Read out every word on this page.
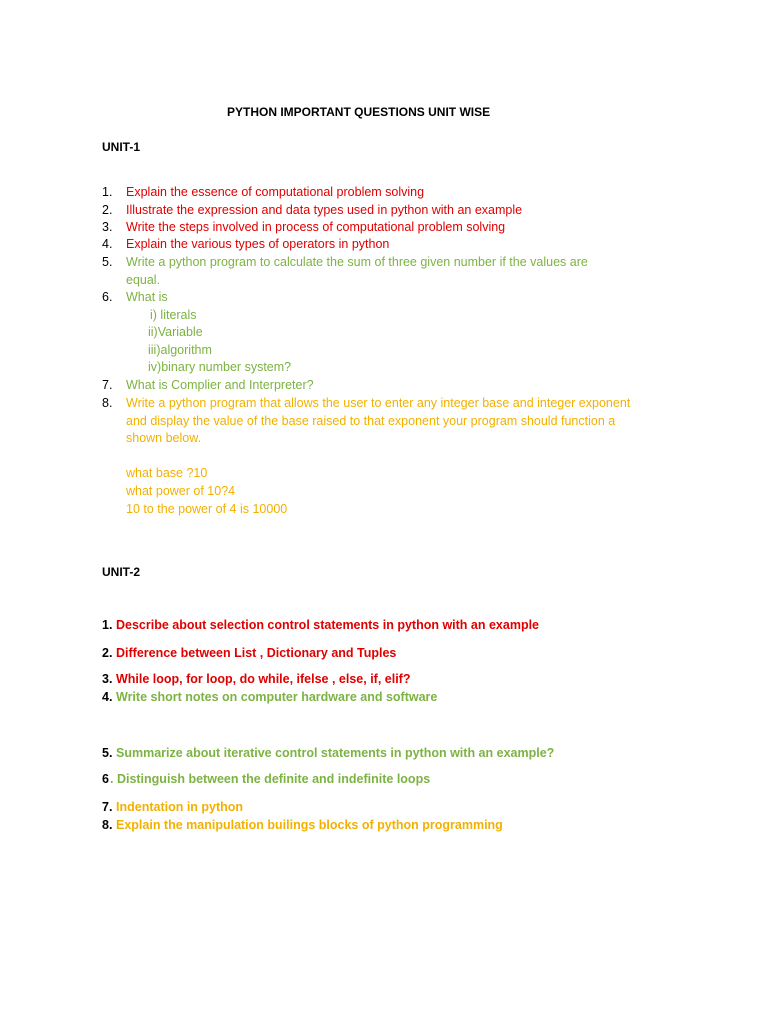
PYTHON IMPORTANT QUESTIONS UNIT WISE
UNIT-1
1. Explain the essence of computational problem solving
2. Illustrate the expression and data types used in python with an example
3. Write the steps involved in process of computational problem solving
4. Explain the various types of operators in python
5. Write a python program to calculate the sum of three given number if the values are
equal.
6. What is
i) literals
ii)Variable
iii)algorithm
iv)binary number system?
7. What is Complier and Interpreter?
8. Write a python program that allows the user to enter any integer base and integer exponent
and display the value of the base raised to that exponent your program should function a
shown below.
what base ?10
what power of 10?4
10 to the power of 4 is 10000
UNIT-2
1. Describe about selection control statements in python with an example
2. Difference between List , Dictionary and Tuples
3. While loop, for loop, do while, ifelse , else, if, elif?
4. Write short notes on computer hardware and software
5. Summarize about iterative control statements in python with an example?
6 . Distinguish between the definite and indefinite loops
7. Indentation in python
8. Explain the manipulation builings blocks of python programming
